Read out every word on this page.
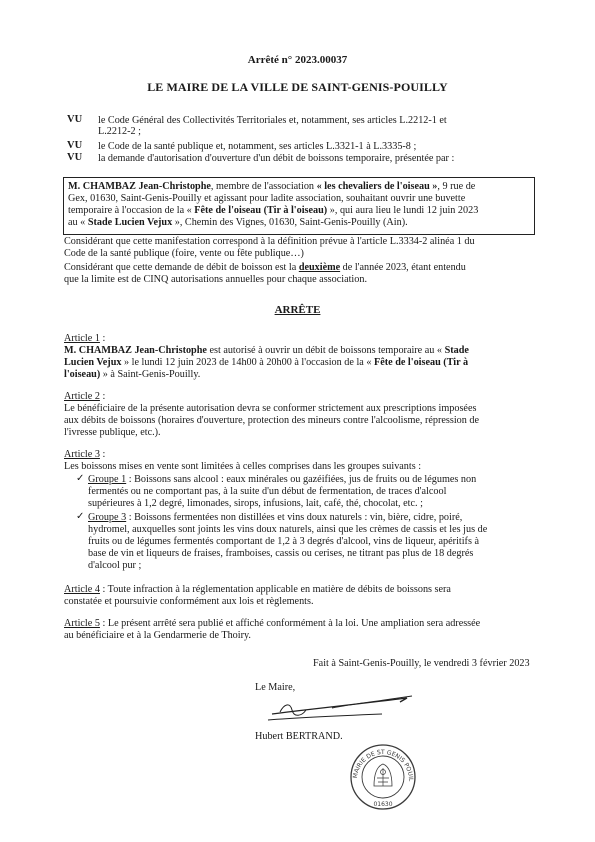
Arrêté n° 2023.00037
LE MAIRE DE LA VILLE DE SAINT-GENIS-POUILLY
VU le Code Général des Collectivités Territoriales et, notamment, ses articles L.2212-1 et
L.2212-2 ;
VU le Code de la santé publique et, notamment, ses articles L.3321-1 à L.3335-8 ;
VU la demande d'autorisation d'ouverture d'un débit de boissons temporaire, présentée par :
M. CHAMBAZ Jean-Christophe, membre de l'association « les chevaliers de l'oiseau », 9 rue de
Gex, 01630, Saint-Genis-Pouilly et agissant pour ladite association, souhaitant ouvrir une buvette
temporaire à l'occasion de la « Fête de l'oiseau (Tir à l'oiseau) », qui aura lieu le lundi 12 juin 2023
au « Stade Lucien Vejux », Chemin des Vignes, 01630, Saint-Genis-Pouilly (Ain).
Considérant que cette manifestation correspond à la définition prévue à l'article L.3334-2 alinéa 1 du
Code de la santé publique (foire, vente ou fête publique…)
Considérant que cette demande de débit de boisson est la deuxième de l'année 2023, étant entendu
que la limite est de CINQ autorisations annuelles pour chaque association.
ARRÊTE
Article 1 :
M. CHAMBAZ Jean-Christophe est autorisé à ouvrir un débit de boissons temporaire au « Stade
Lucien Vejux » le lundi 12 juin 2023 de 14h00 à 20h00 à l'occasion de la « Fête de l'oiseau (Tir à
l'oiseau) » à Saint-Genis-Pouilly.
Article 2 :
Le bénéficiaire de la présente autorisation devra se conformer strictement aux prescriptions imposées
aux débits de boissons (horaires d'ouverture, protection des mineurs contre l'alcoolisme, répression de
l'ivresse publique, etc.).
Article 3 :
Les boissons mises en vente sont limitées à celles comprises dans les groupes suivants :
✓ Groupe 1 : Boissons sans alcool : eaux minérales ou gazéifiées, jus de fruits ou de légumes non
fermentés ou ne comportant pas, à la suite d'un début de fermentation, de traces d'alcool
supérieures à 1,2 degré, limonades, sirops, infusions, lait, café, thé, chocolat, etc. ;
✓ Groupe 3 : Boissons fermentées non distillées et vins doux naturels : vin, bière, cidre, poiré,
hydromel, auxquelles sont joints les vins doux naturels, ainsi que les crèmes de cassis et les jus de
fruits ou de légumes fermentés comportant de 1,2 à 3 degrés d'alcool, vins de liqueur, apéritifs à
base de vin et liqueurs de fraises, framboises, cassis ou cerises, ne titrant pas plus de 18 degrés
d'alcool pur ;
Article 4 : Toute infraction à la réglementation applicable en matière de débits de boissons sera
constatée et poursuivie conformément aux lois et règlements.
Article 5 : Le présent arrêté sera publié et affiché conformément à la loi. Une ampliation sera adressée
au bénéficiaire et à la Gendarmerie de Thoiry.
Fait à Saint-Genis-Pouilly, le vendredi 3 février 2023
Le Maire,
Hubert BERTRAND.
MAIRIE DE ST GENIS POUIL
01630
